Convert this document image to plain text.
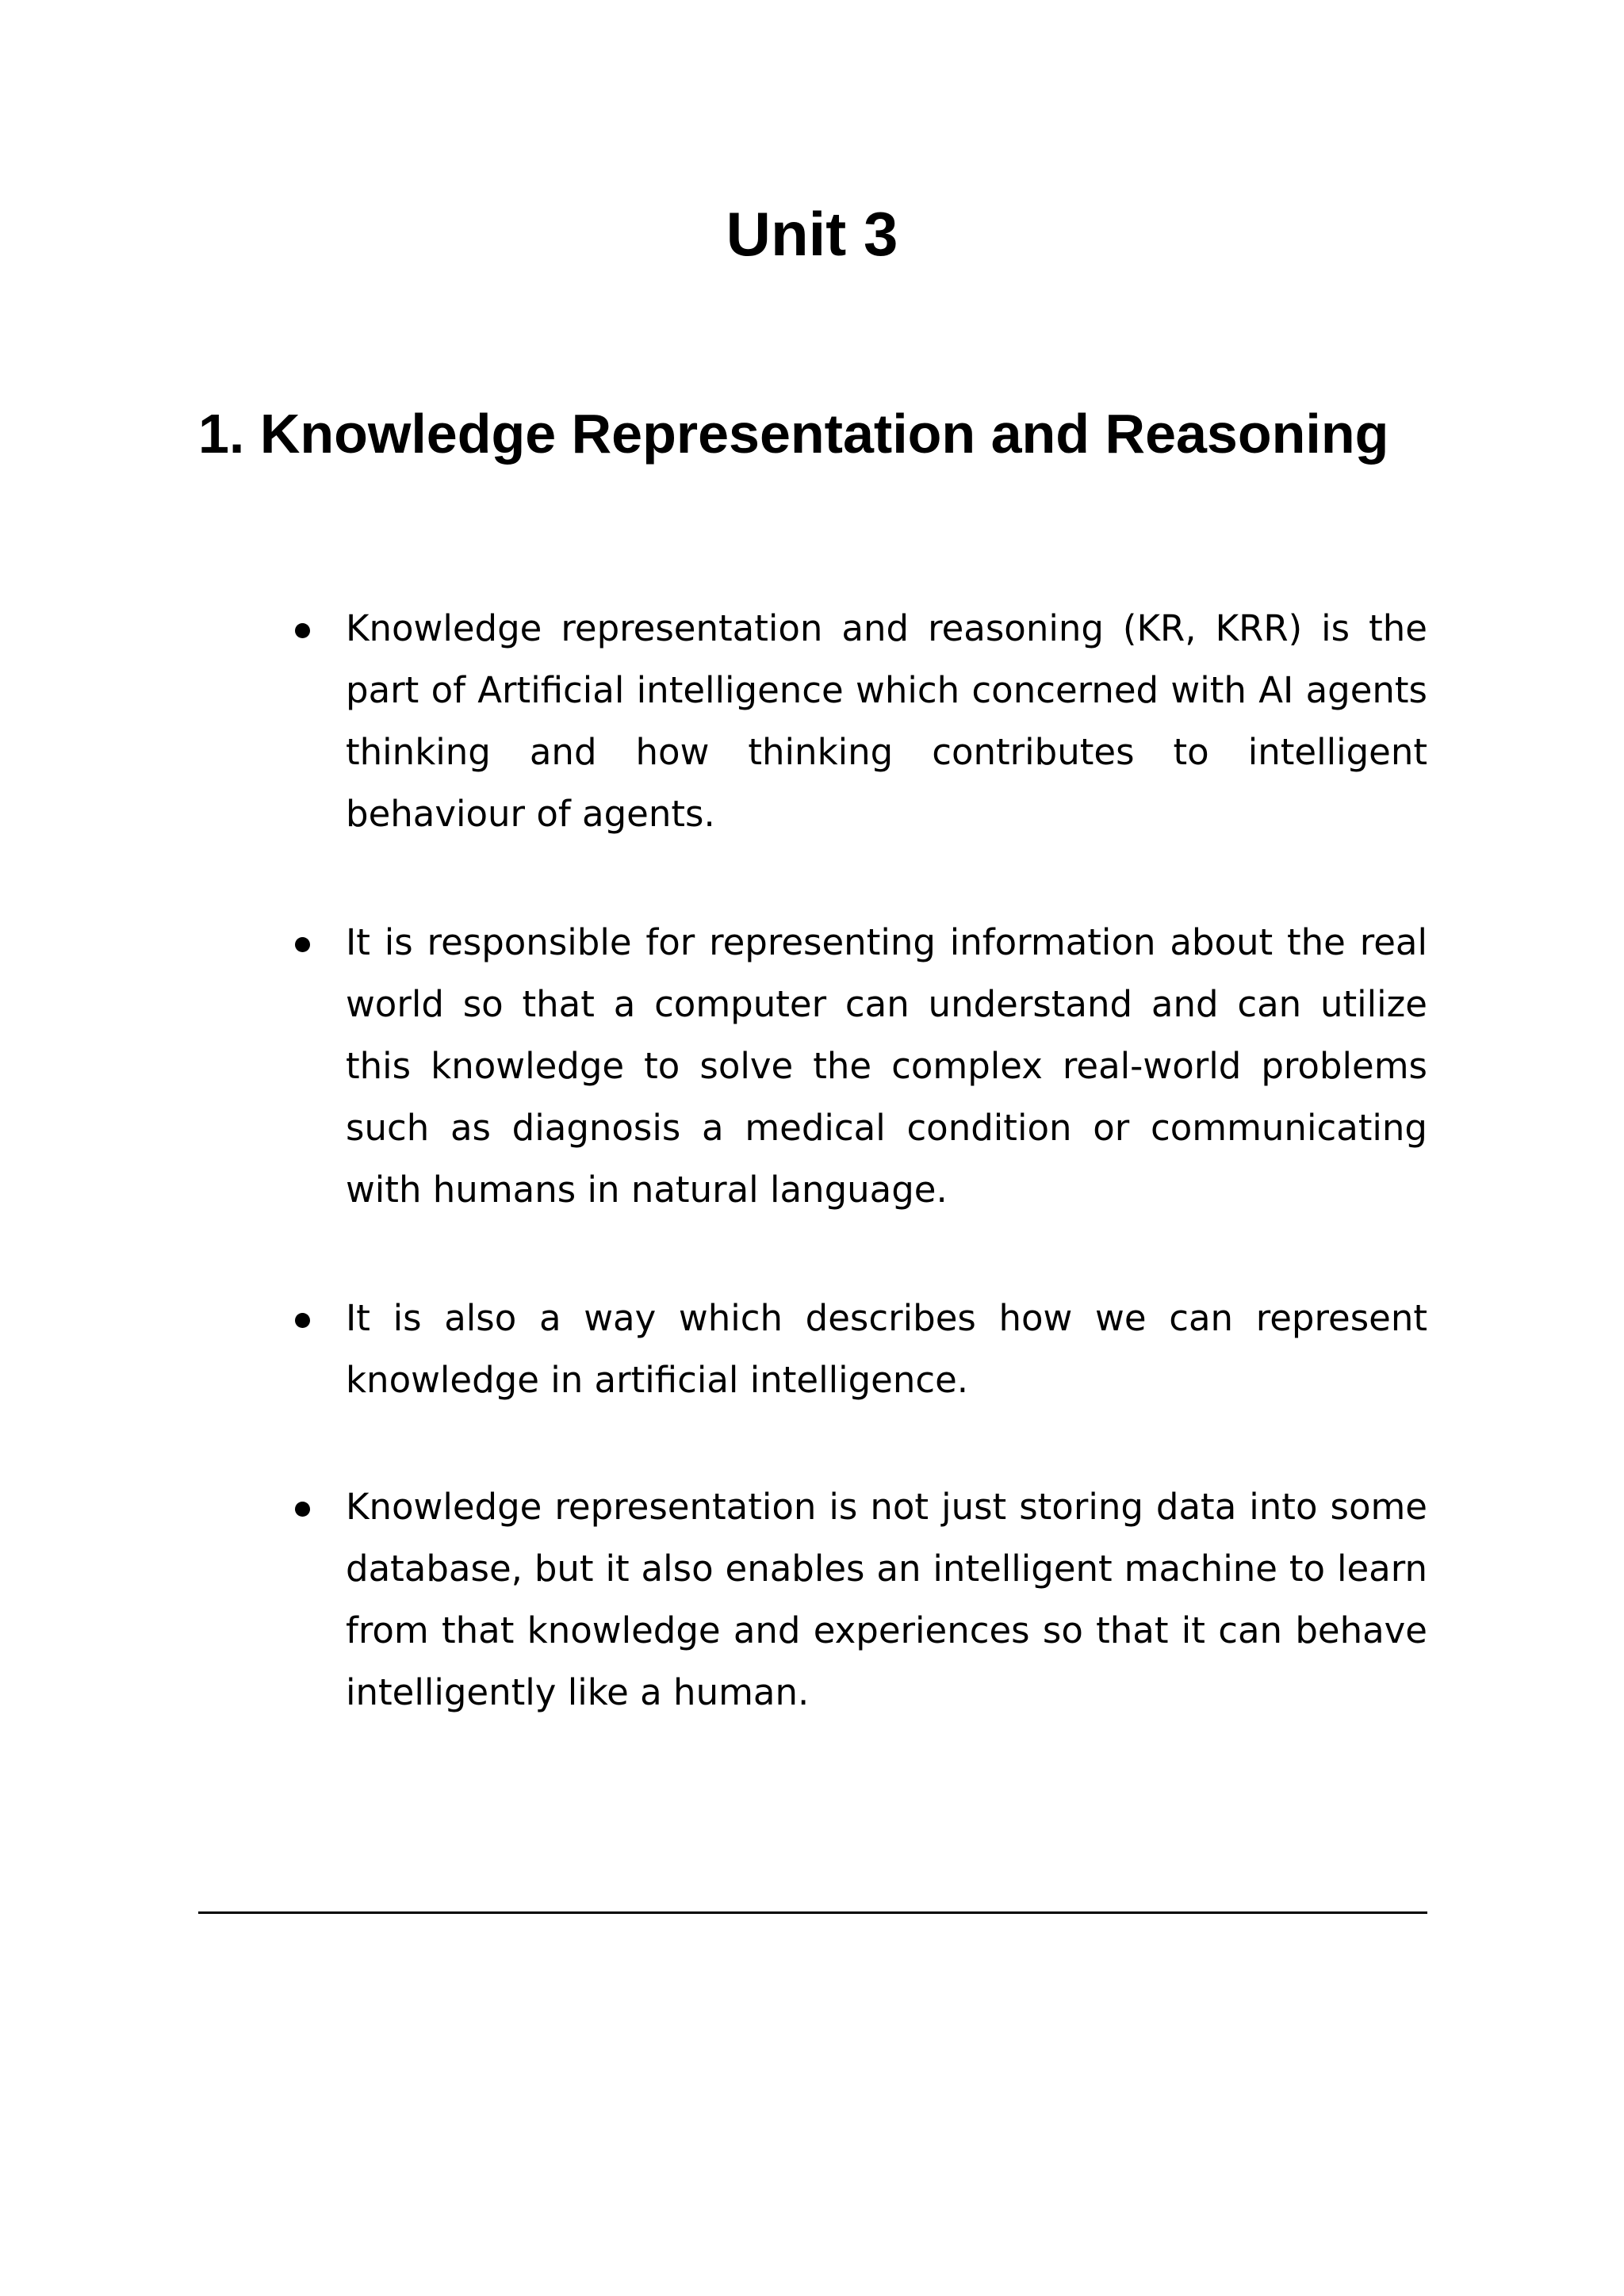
Unit 3
1. Knowledge Representation and Reasoning
Knowledge representation and reasoning (KR, KRR) is the part of Artificial intelligence which concerned with AI agents thinking and how thinking contributes to intelligent behaviour of agents.
It is responsible for representing information about the real world so that a computer can understand and can utilize this knowledge to solve the complex real-world problems such as diagnosis a medical condition or communicating with humans in natural language.
It is also a way which describes how we can represent knowledge in artificial intelligence.
Knowledge representation is not just storing data into some database, but it also enables an intelligent machine to learn from that knowledge and experiences so that it can behave intelligently like a human.
